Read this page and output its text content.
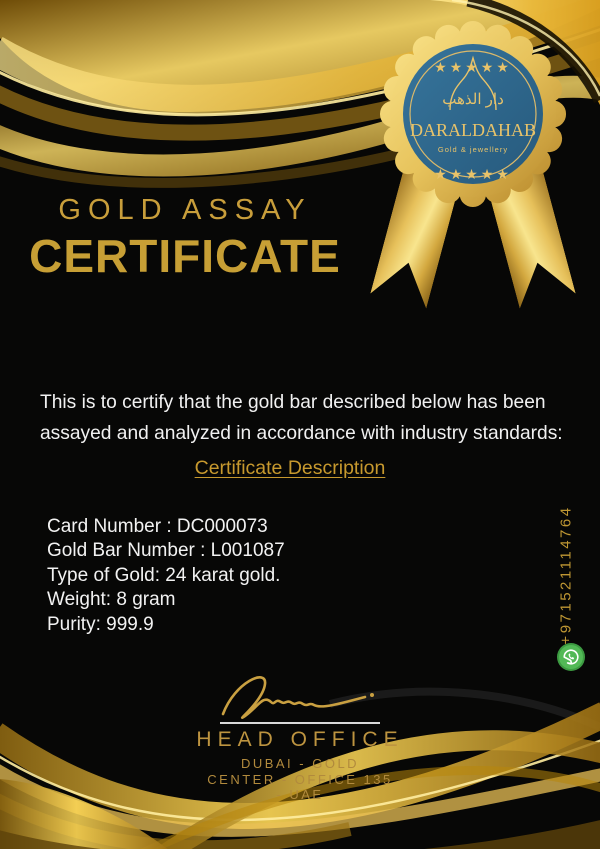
★★★★★
دار الذهب
DARALDAHAB
Gold & jewellery
★★★★★
GOLD ASSAY
CERTIFICATE

This is to certify that the gold bar described below has been assayed and analyzed in accordance with industry standards:

Certificate Description
Card Number : DC000073
Gold Bar Number : L001087
Type of Gold: 24 karat gold.
Weight: 8 gram
Purity: 999.9	+971521114764
HEAD OFFICE
DUBAI - GOLD
CENTER - OFFICE 135
- UAE
